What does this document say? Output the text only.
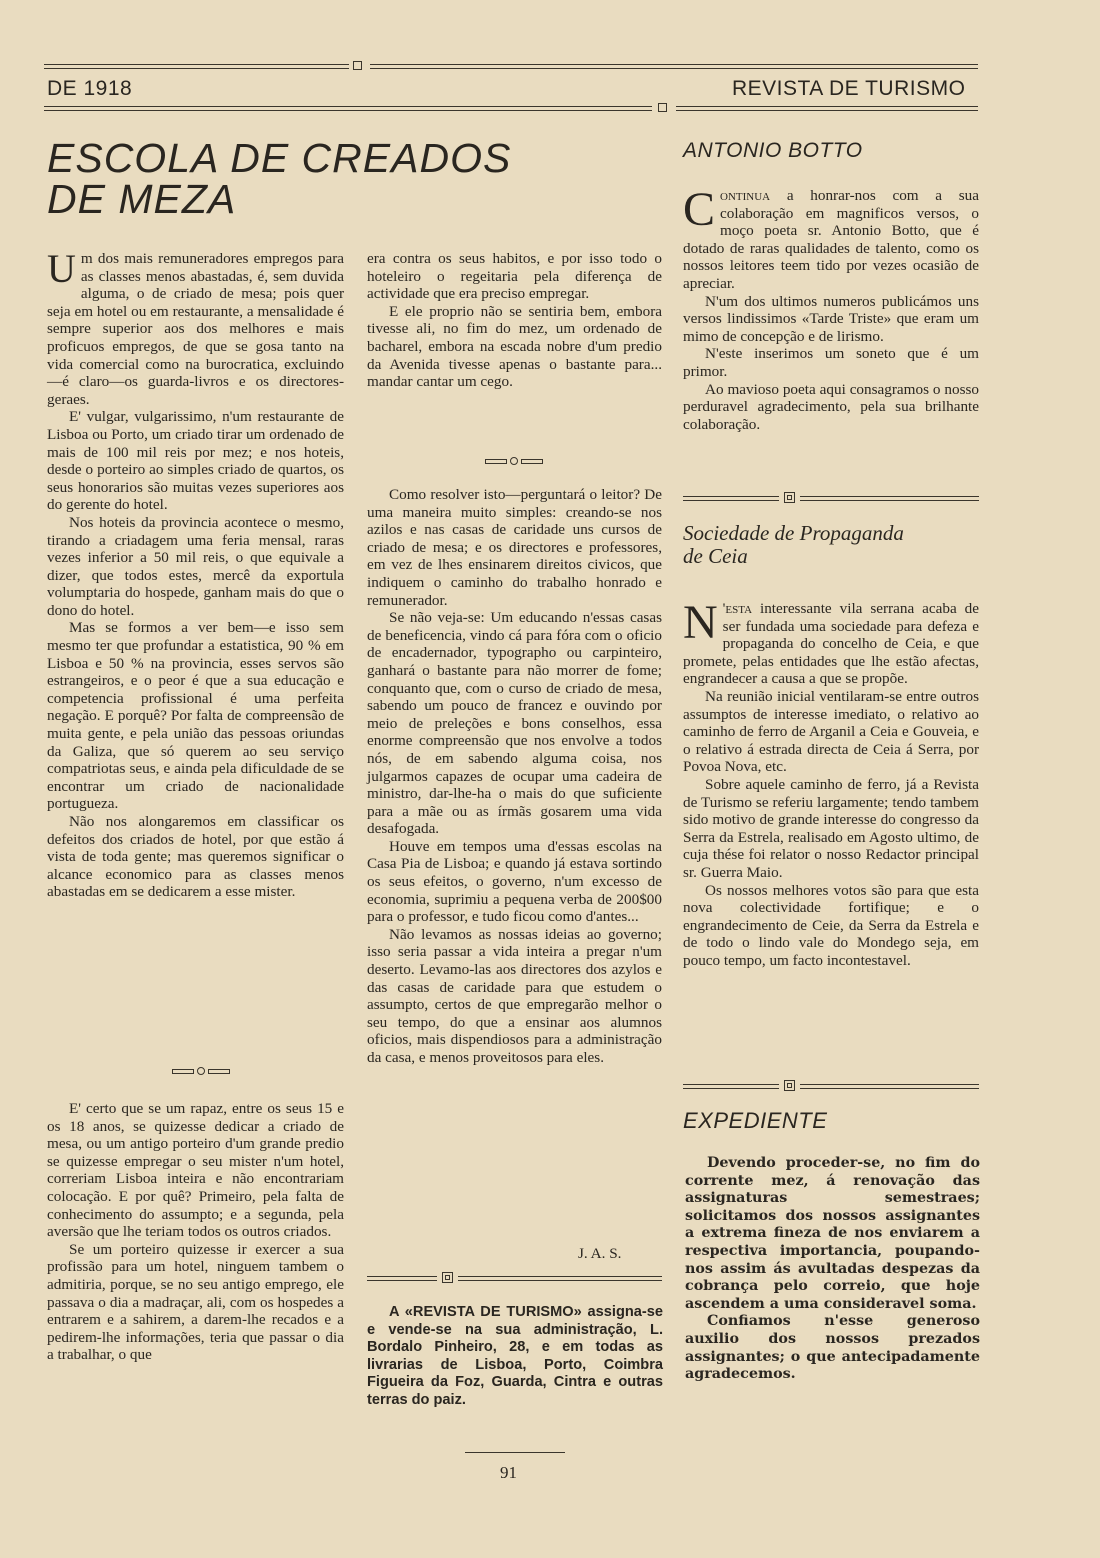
DE 1918	REVISTA DE TURISMO
ESCOLA DE CREADOS
DE MEZA

Um dos mais remuneradores empregos para as classes menos abastadas, é, sem duvida alguma, o de criado de mesa; pois quer seja em hotel ou em restaurante, a mensalidade é sempre superior aos dos melhores e mais proficuos empregos, de que se gosa tanto na vida comercial como na burocratica, excluindo—é claro—os guarda-livros e os directores-geraes.

E' vulgar, vulgarissimo, n'um restaurante de Lisboa ou Porto, um criado tirar um ordenado de mais de 100 mil reis por mez; e nos hoteis, desde o porteiro ao simples criado de quartos, os seus honorarios são muitas vezes superiores aos do gerente do hotel.

Nos hoteis da provincia acontece o mesmo, tirando a criadagem uma feria mensal, raras vezes inferior a 50 mil reis, o que equivale a dizer, que todos estes, mercê da exportula volumptaria do hospede, ganham mais do que o dono do hotel.

Mas se formos a ver bem—e isso sem mesmo ter que profundar a estatistica, 90 % em Lisboa e 50 % na provincia, esses servos são estrangeiros, e o peor é que a sua educação e competencia profissional é uma perfeita negação. E porquê? Por falta de compreensão de muita gente, e pela união das pessoas oriundas da Galiza, que só querem ao seu serviço compatriotas seus, e ainda pela dificuldade de se encontrar um criado de nacionalidade portugueza.

Não nos alongaremos em classificar os defeitos dos criados de hotel, por que estão á vista de toda gente; mas queremos significar o alcance economico para as classes menos abastadas em se dedicarem a esse mister.

E' certo que se um rapaz, entre os seus 15 e os 18 anos, se quizesse dedicar a criado de mesa, ou um antigo porteiro d'um grande predio se quizesse empregar o seu mister n'um hotel, correriam Lisboa inteira e não encontrariam colocação. E por quê? Primeiro, pela falta de conhecimento do assumpto; e a segunda, pela aversão que lhe teriam todos os outros criados.

Se um porteiro quizesse ir exercer a sua profissão para um hotel, ninguem tambem o admitiria, porque, se no seu antigo emprego, ele passava o dia a madraçar, ali, com os hospedes a entrarem e a sahirem, a darem-lhe recados e a pedirem-lhe informações, teria que passar o dia a trabalhar, o que

era contra os seus habitos, e por isso todo o hoteleiro o regeitaria pela diferença de actividade que era preciso empregar.

E ele proprio não se sentiria bem, embora tivesse ali, no fim do mez, um ordenado de bacharel, embora na escada nobre d'um predio da Avenida tivesse apenas o bastante para... mandar cantar um cego.

Como resolver isto—perguntará o leitor? De uma maneira muito simples: creando-se nos azilos e nas casas de caridade uns cursos de criado de mesa; e os directores e professores, em vez de lhes ensinarem direitos civicos, que indiquem o caminho do trabalho honrado e remunerador.

Se não veja-se: Um educando n'essas casas de beneficencia, vindo cá para fóra com o oficio de encadernador, typographo ou carpinteiro, ganhará o bastante para não morrer de fome; conquanto que, com o curso de criado de mesa, sabendo um pouco de francez e ouvindo por meio de preleções e bons conselhos, essa enorme compreensão que nos envolve a todos nós, de em sabendo alguma coisa, nos julgarmos capazes de ocupar uma cadeira de ministro, dar-lhe-ha o mais do que suficiente para a mãe ou as írmãs gosarem uma vida desafogada.

Houve em tempos uma d'essas escolas na Casa Pia de Lisboa; e quando já estava sortindo os seus efeitos, o governo, n'um excesso de economia, suprimiu a pequena verba de 200$00 para o professor, e tudo ficou como d'antes...

Não levamos as nossas ideias ao governo; isso seria passar a vida inteira a pregar n'um deserto. Levamo-las aos directores dos azylos e das casas de caridade para que estudem o assumpto, certos de que empregarão melhor o seu tempo, do que a ensinar aos alumnos oficios, mais dispendiosos para a administração da casa, e menos proveitosos para eles.

J. A. S.

A «REVISTA DE TURISMO» assigna-se e vende-se na sua administração, L. Bordalo Pinheiro, 28, e em todas as livrarias de Lisboa, Porto, Coimbra Figueira da Foz, Guarda, Cintra e outras terras do paiz.

ANTONIO BOTTO

Continua a honrar-nos com a sua colaboração em magnificos versos, o moço poeta sr. Antonio Botto, que é dotado de raras qualidades de talento, como os nossos leitores teem tido por vezes ocasião de apreciar.

N'um dos ultimos numeros publicámos uns versos lindissimos «Tarde Triste» que eram um mimo de concepção e de lirismo.

N'este inserimos um soneto que é um primor.

Ao mavioso poeta aqui consagramos o nosso perduravel agradecimento, pela sua brilhante colaboração.

Sociedade de Propaganda
de Ceia

N 'esta interessante vila serrana acaba de ser fundada uma sociedade para defeza e propaganda do concelho de Ceia, e que promete, pelas entidades que lhe estão afectas, engrandecer a causa a que se propõe.

Na reunião inicial ventilaram-se entre outros assumptos de interesse imediato, o relativo ao caminho de ferro de Arganil a Ceia e Gouveia, e o relativo á estrada directa de Ceia á Serra, por Povoa Nova, etc.

Sobre aquele caminho de ferro, já a Revista de Turismo se referiu largamente; tendo tambem sido motivo de grande interesse do congresso da Serra da Estrela, realisado em Agosto ultimo, de cuja thése foi relator o nosso Redactor principal sr. Guerra Maio.

Os nossos melhores votos são para que esta nova colectividade fortifique; e o engrandecimento de Ceie, da Serra da Estrela e de todo o lindo vale do Mondego seja, em pouco tempo, um facto incontestavel.

EXPEDIENTE

Devendo proceder-se, no fim do corrente mez, á renovação das assignaturas semestraes; solicitamos dos nossos assignantes a extrema fineza de nos enviarem a respectiva importancia, poupando-nos assim ás avultadas despezas da cobrança pelo correio, que hoje ascendem a uma consideravel soma.

Confiamos n'esse generoso auxilio dos nossos prezados assignantes; o que antecipadamente agradecemos.

91
